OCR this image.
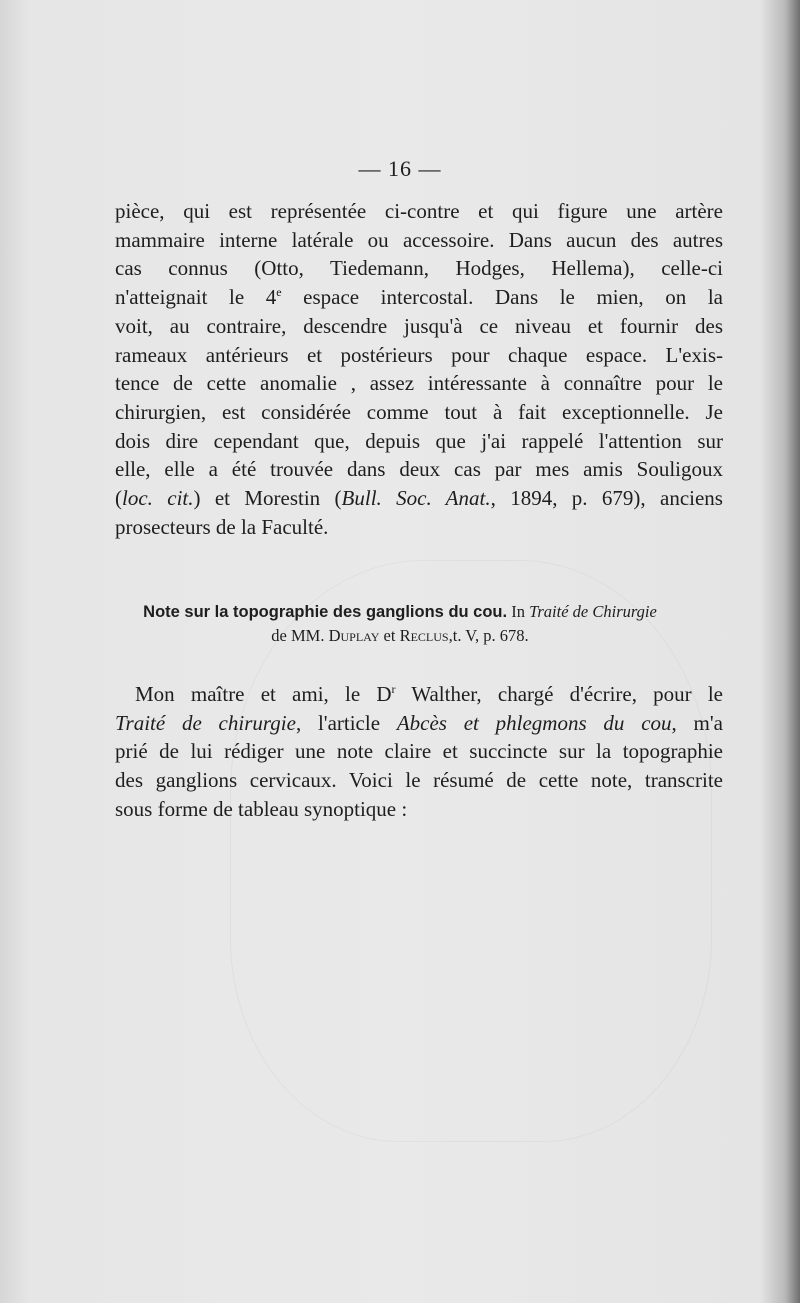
— 16 —
pièce, qui est représentée ci-contre et qui figure une artère
mammaire interne latérale ou accessoire. Dans aucun des autres
cas connus (Otto, Tiedemann, Hodges, Hellema), celle-ci
n'atteignait le 4e espace intercostal. Dans le mien, on la
voit, au contraire, descendre jusqu'à ce niveau et fournir des
rameaux antérieurs et postérieurs pour chaque espace. L'exis-
tence de cette anomalie , assez intéressante à connaître pour le
chirurgien, est considérée comme tout à fait exceptionnelle. Je
dois dire cependant que, depuis que j'ai rappelé l'attention sur
elle, elle a été trouvée dans deux cas par mes amis Souligoux
(loc. cit.) et Morestin (Bull. Soc. Anat., 1894, p. 679), anciens
prosecteurs de la Faculté.
Note sur la topographie des ganglions du cou. In Traité de Chirurgie
de MM. Duplay et Reclus,t. V, p. 678.
Mon maître et ami, le $D^r$ Walther, chargé d'écrire, pour le
Traité de chirurgie, l'article Abcès et phlegmons du cou, m'a
prié de lui rédiger une note claire et succincte sur la topographie
des ganglions cervicaux. Voici le résumé de cette note, transcrite
sous forme de tableau synoptique :
